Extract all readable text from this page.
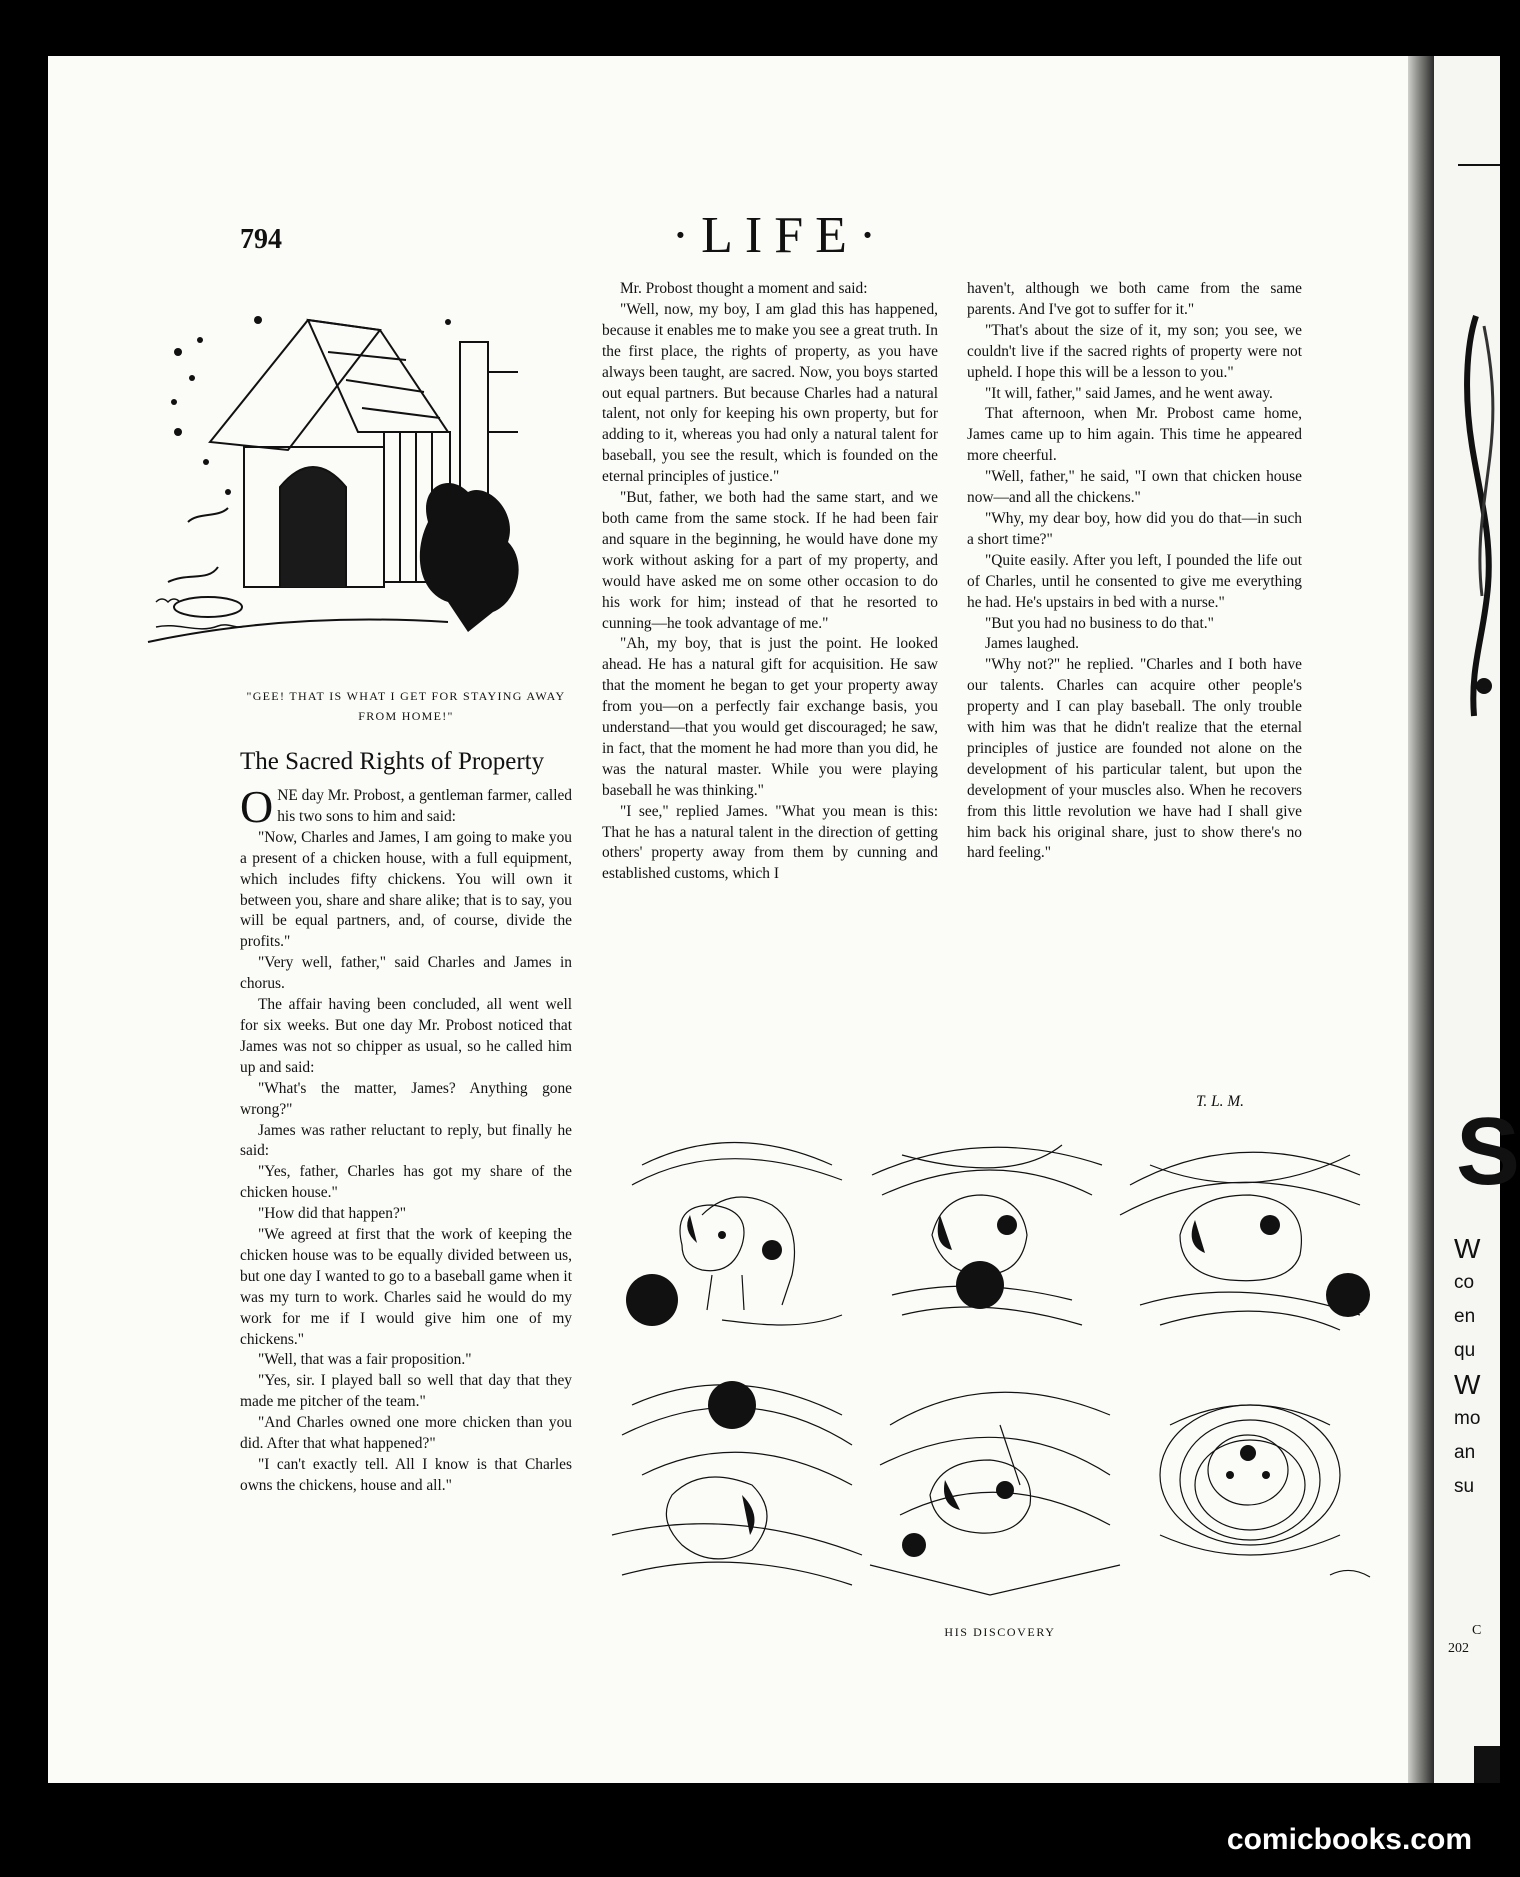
S
W
co
en
qu
W
mo
an
su
C
202
comicbooks.com
794	·LIFE·
"GEE! THAT IS WHAT I GET FOR STAYING AWAY FROM HOME!"
The Sacred Rights of Property

ONE day Mr. Probost, a gentleman farmer, called his two sons to him and said:

"Now, Charles and James, I am going to make you a present of a chicken house, with a full equipment, which includes fifty chickens. You will own it between you, share and share alike; that is to say, you will be equal partners, and, of course, divide the profits."

"Very well, father," said Charles and James in chorus.

The affair having been concluded, all went well for six weeks. But one day Mr. Probost noticed that James was not so chipper as usual, so he called him up and said:

"What's the matter, James? Anything gone wrong?"

James was rather reluctant to reply, but finally he said:

"Yes, father, Charles has got my share of the chicken house."

"How did that happen?"

"We agreed at first that the work of keeping the chicken house was to be equally divided between us, but one day I wanted to go to a baseball game when it was my turn to work. Charles said he would do my work for me if I would give him one of my chickens."

"Well, that was a fair proposition."

"Yes, sir. I played ball so well that day that they made me pitcher of the team."

"And Charles owned one more chicken than you did. After that what happened?"

"I can't exactly tell. All I know is that Charles owns the chickens, house and all."

Mr. Probost thought a moment and said:

"Well, now, my boy, I am glad this has happened, because it enables me to make you see a great truth. In the first place, the rights of property, as you have always been taught, are sacred. Now, you boys started out equal partners. But because Charles had a natural talent, not only for keeping his own property, but for adding to it, whereas you had only a natural talent for baseball, you see the result, which is founded on the eternal principles of justice."

"But, father, we both had the same start, and we both came from the same stock. If he had been fair and square in the beginning, he would have done my work without asking for a part of my property, and would have asked me on some other occasion to do his work for him; instead of that he resorted to cunning—he took advantage of me."

"Ah, my boy, that is just the point. He looked ahead. He has a natural gift for acquisition. He saw that the moment he began to get your property away from you—on a perfectly fair exchange basis, you understand—that you would get discouraged; he saw, in fact, that the moment he had more than you did, he was the natural master. While you were playing baseball he was thinking."

"I see," replied James. "What you mean is this: That he has a natural talent in the direction of getting others' property away from them by cunning and established customs, which I

haven't, although we both came from the same parents. And I've got to suffer for it."

"That's about the size of it, my son; you see, we couldn't live if the sacred rights of property were not upheld. I hope this will be a lesson to you."

"It will, father," said James, and he went away.

That afternoon, when Mr. Probost came home, James came up to him again. This time he appeared more cheerful.

"Well, father," he said, "I own that chicken house now—and all the chickens."

"Why, my dear boy, how did you do that—in such a short time?"

"Quite easily. After you left, I pounded the life out of Charles, until he consented to give me everything he had. He's upstairs in bed with a nurse."

"But you had no business to do that."

James laughed.

"Why not?" he replied. "Charles and I both have our talents. Charles can acquire other people's property and I can play baseball. The only trouble with him was that he didn't realize that the eternal principles of justice are founded not alone on the development of his particular talent, but upon the development of your muscles also. When he recovers from this little revolution we have had I shall give him back his original share, just to show there's no hard feeling."

T. L. M.
HIS DISCOVERY
